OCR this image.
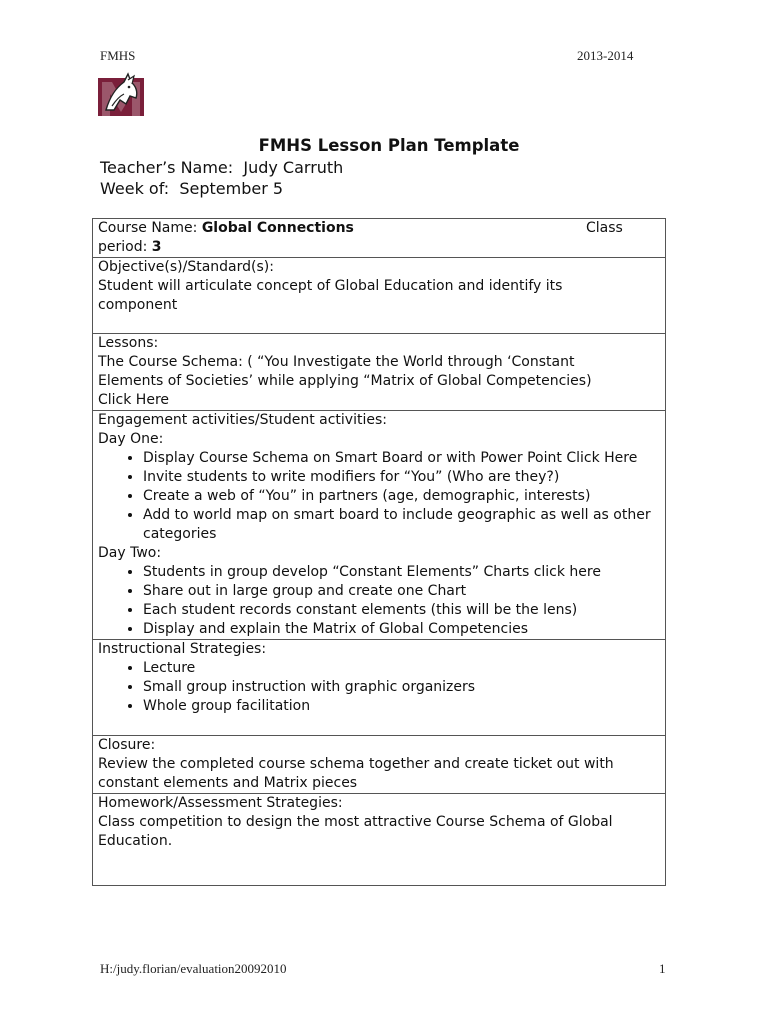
FMHS	2013-2014
FMHS Lesson Plan Template
Teacher’s Name: Judy Carruth
Week of: September 5
Course Name: Global Connections	Class

period: 3

Objective(s)/Standard(s):
Student will articulate concept of Global Education and identify its
component

Lessons:
The Course Schema: ( “You Investigate the World through ‘Constant
Elements of Societies’ while applying “Matrix of Global Competencies)
Click Here

Engagement activities/Student activities:
Day One:
• Display Course Schema on Smart Board or with Power Point Click Here
• Invite students to write modifiers for “You” (Who are they?)
• Create a web of “You” in partners (age, demographic, interests)
• Add to world map on smart board to include geographic as well as other categories
Day Two:
• Students in group develop “Constant Elements” Charts click here
• Share out in large group and create one Chart
• Each student records constant elements (this will be the lens)
• Display and explain the Matrix of Global Competencies

Instructional Strategies:
• Lecture
• Small group instruction with graphic organizers
• Whole group facilitation

Closure:
Review the completed course schema together and create ticket out with
constant elements and Matrix pieces

Homework/Assessment Strategies:
Class competition to design the most attractive Course Schema of Global
Education.
H:/judy.florian/evaluation20092010	1
